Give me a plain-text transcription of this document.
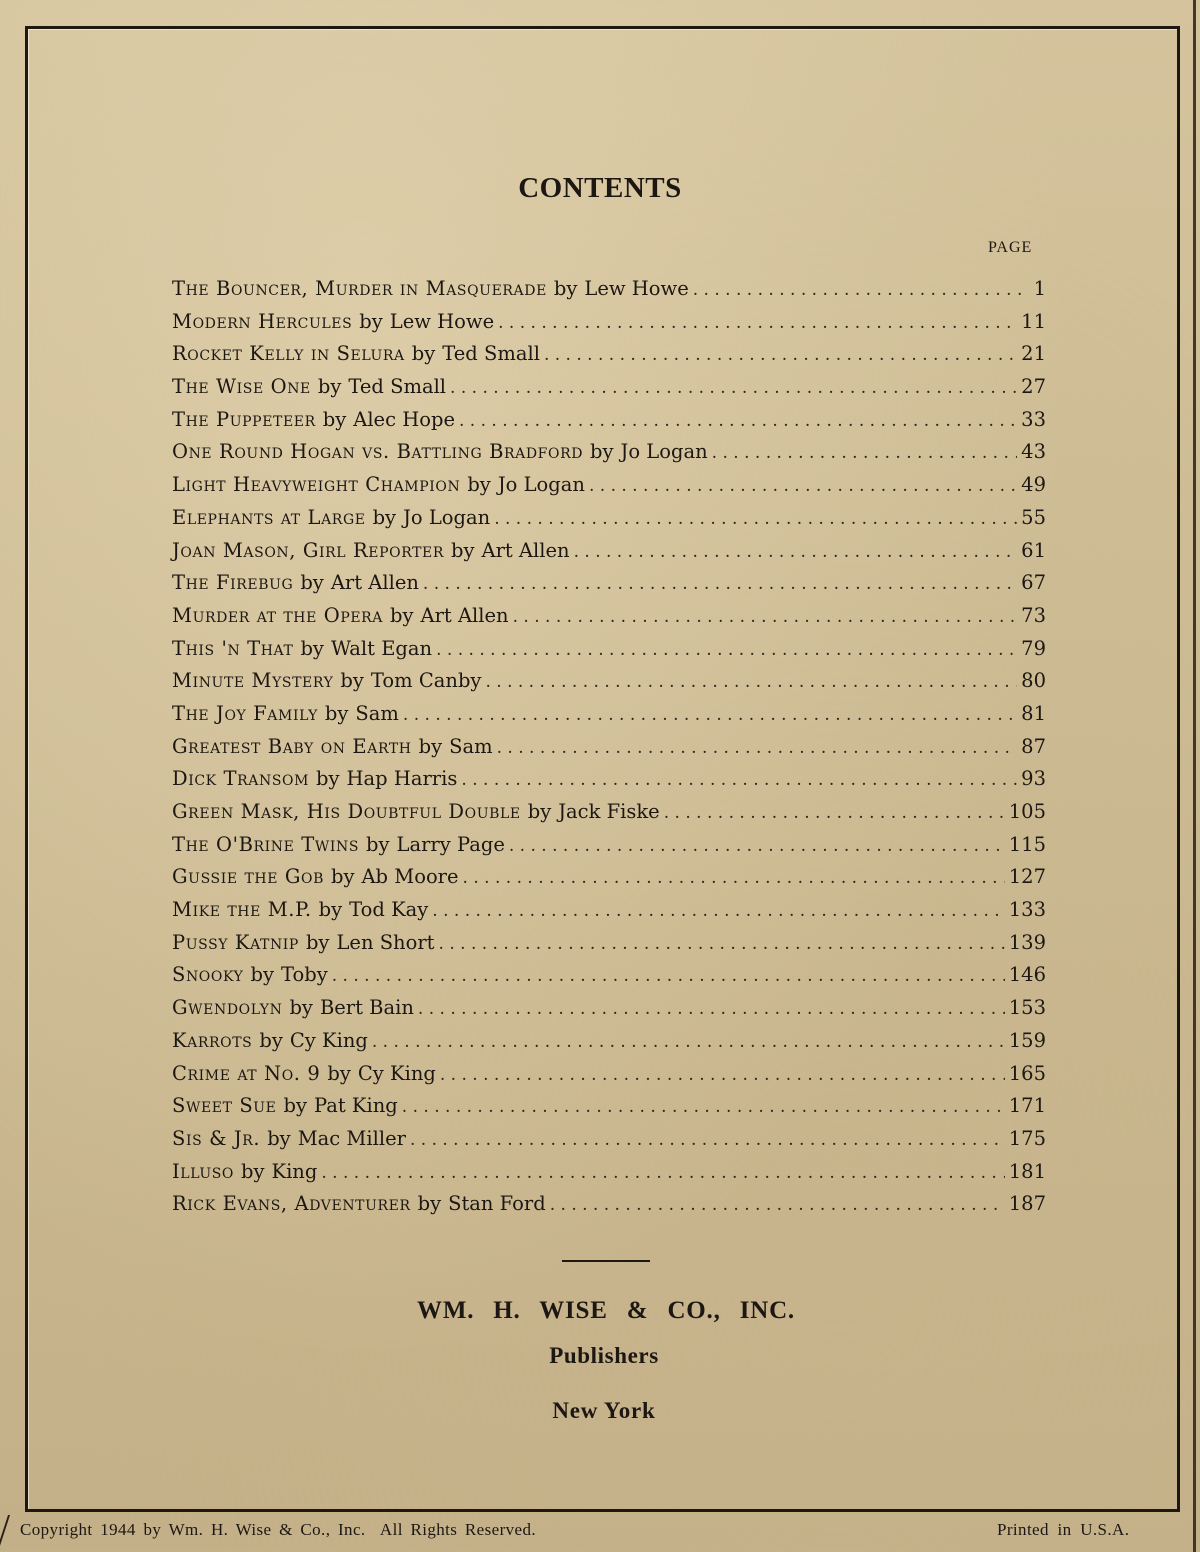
CONTENTS
PAGE
The Bouncer, Murder in Masquerade by Lew Howe . . .	1
Modern Hercules by Lew Howe . . .	11
Rocket Kelly in Selura by Ted Small . . .	21
The Wise One by Ted Small . . .	27
The Puppeteer by Alec Hope . . .	33
One Round Hogan vs. Battling Bradford by Jo Logan . . .	43
Light Heavyweight Champion by Jo Logan . . .	49
Elephants at Large by Jo Logan . . .	55
Joan Mason, Girl Reporter by Art Allen . . .	61
The Firebug by Art Allen . . .	67
Murder at the Opera by Art Allen . . .	73
This 'n That by Walt Egan . . .	79
Minute Mystery by Tom Canby . . .	80
The Joy Family by Sam . . .	81
Greatest Baby on Earth by Sam . . .	87
Dick Transom by Hap Harris . . .	93
Green Mask, His Doubtful Double by Jack Fiske . . .	105
The O'Brine Twins by Larry Page . . .	115
Gussie the Gob by Ab Moore . . .	127
Mike the M.P. by Tod Kay . . .	133
Pussy Katnip by Len Short . . .	139
Snooky by Toby . . .	146
Gwendolyn by Bert Bain . . .	153
Karrots by Cy King . . .	159
Crime at No. 9 by Cy King . . .	165
Sweet Sue by Pat King . . .	171
Sis & Jr. by Mac Miller . . .	175
Illuso by King . . .	181
Rick Evans, Adventurer by Stan Ford . . .	187
WM. H. WISE & CO., INC.
Publishers
New York
Copyright 1944 by Wm. H. Wise & Co., Inc.  All Rights Reserved.	Printed in U.S.A.
